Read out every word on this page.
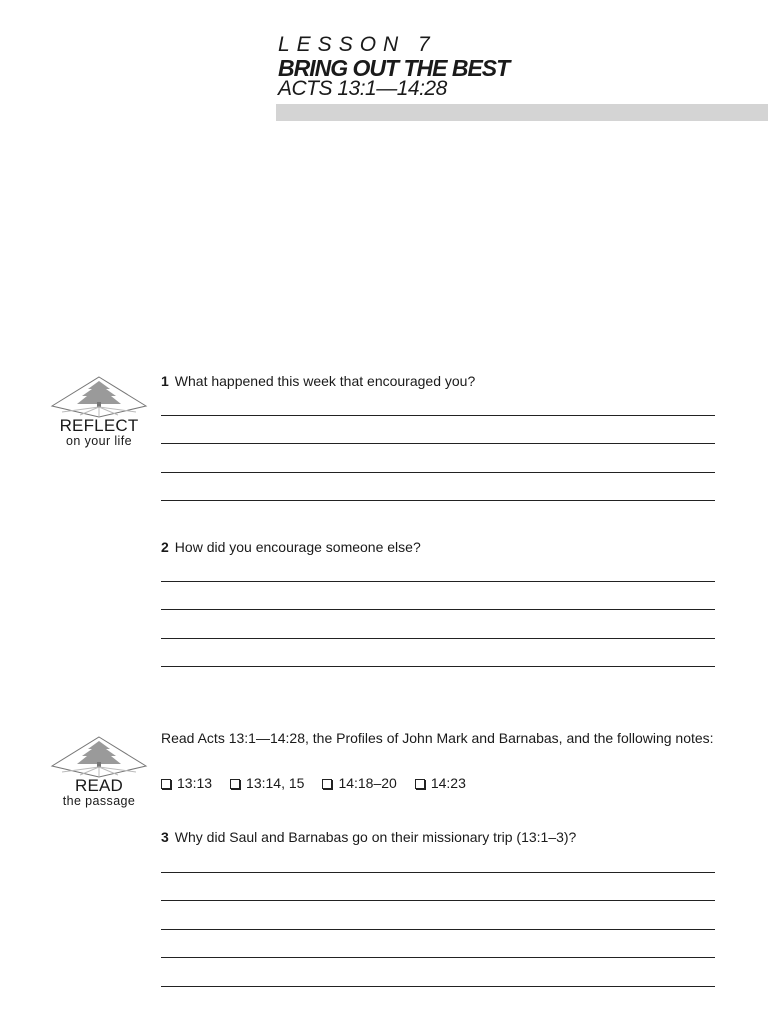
LESSON 7
BRING OUT THE BEST
ACTS 13:1—14:28
REFLECT
on your life
1 What happened this week that encouraged you?
2 How did you encourage someone else?
READ
the passage
Read Acts 13:1—14:28, the Profiles of John Mark and Barnabas, and the following notes:
13:13 13:14, 15 14:18–20 14:23
3 Why did Saul and Barnabas go on their missionary trip (13:1–3)?
